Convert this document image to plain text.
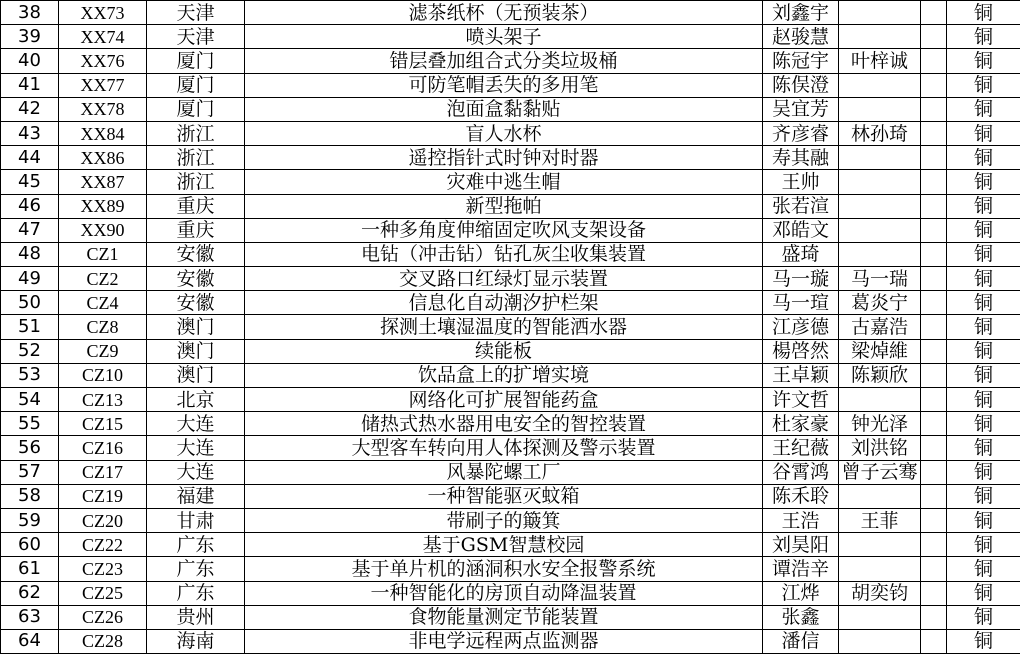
38	XX73	天津	滤茶纸杯（无预装茶）	刘鑫宇			铜
39	XX74	天津	喷头架子	赵骏慧			铜
40	XX76	厦门	错层叠加组合式分类垃圾桶	陈冠宇	叶梓诚		铜
41	XX77	厦门	可防笔帽丢失的多用笔	陈俣澄			铜
42	XX78	厦门	泡面盒黏黏贴	吴宜芳			铜
43	XX84	浙江	盲人水杯	齐彦睿	林孙琦		铜
44	XX86	浙江	遥控指针式时钟对时器	寿其融			铜
45	XX87	浙江	灾难中逃生帽	王帅			铜
46	XX89	重庆	新型拖帕	张若渲			铜
47	XX90	重庆	一种多角度伸缩固定吹风支架设备	邓皓文			铜
48	CZ1	安徽	电钻（冲击钻）钻孔灰尘收集装置	盛琦			铜
49	CZ2	安徽	交叉路口红绿灯显示装置	马一璇	马一瑞		铜
50	CZ4	安徽	信息化自动潮汐护栏架	马一瑄	葛炎宁		铜
51	CZ8	澳门	探测土壤湿温度的智能洒水器	江彦德	古嘉浩		铜
52	CZ9	澳门	续能板	楊啓然	梁焯維		铜
53	CZ10	澳门	饮品盒上的扩增实境	王卓颖	陈颖欣		铜
54	CZ13	北京	网络化可扩展智能药盒	许文哲			铜
55	CZ15	大连	储热式热水器用电安全的智控装置	杜家豪	钟光泽		铜
56	CZ16	大连	大型客车转向用人体探测及警示装置	王纪薇	刘洪铭		铜
57	CZ17	大连	风暴陀螺工厂	谷霄鸿	曾子云骞		铜
58	CZ19	福建	一种智能驱灭蚊箱	陈禾聆			铜
59	CZ20	甘肃	带刷子的簸箕	王浩	王菲		铜
60	CZ22	广东	基于GSM智慧校园	刘昊阳			铜
61	CZ23	广东	基于单片机的涵洞积水安全报警系统	谭浩辛			铜
62	CZ25	广东	一种智能化的房顶自动降温装置	江烨	胡奕钧		铜
63	CZ26	贵州	食物能量测定节能装置	张鑫			铜
64	CZ28	海南	非电学远程两点监测器	潘信			铜
